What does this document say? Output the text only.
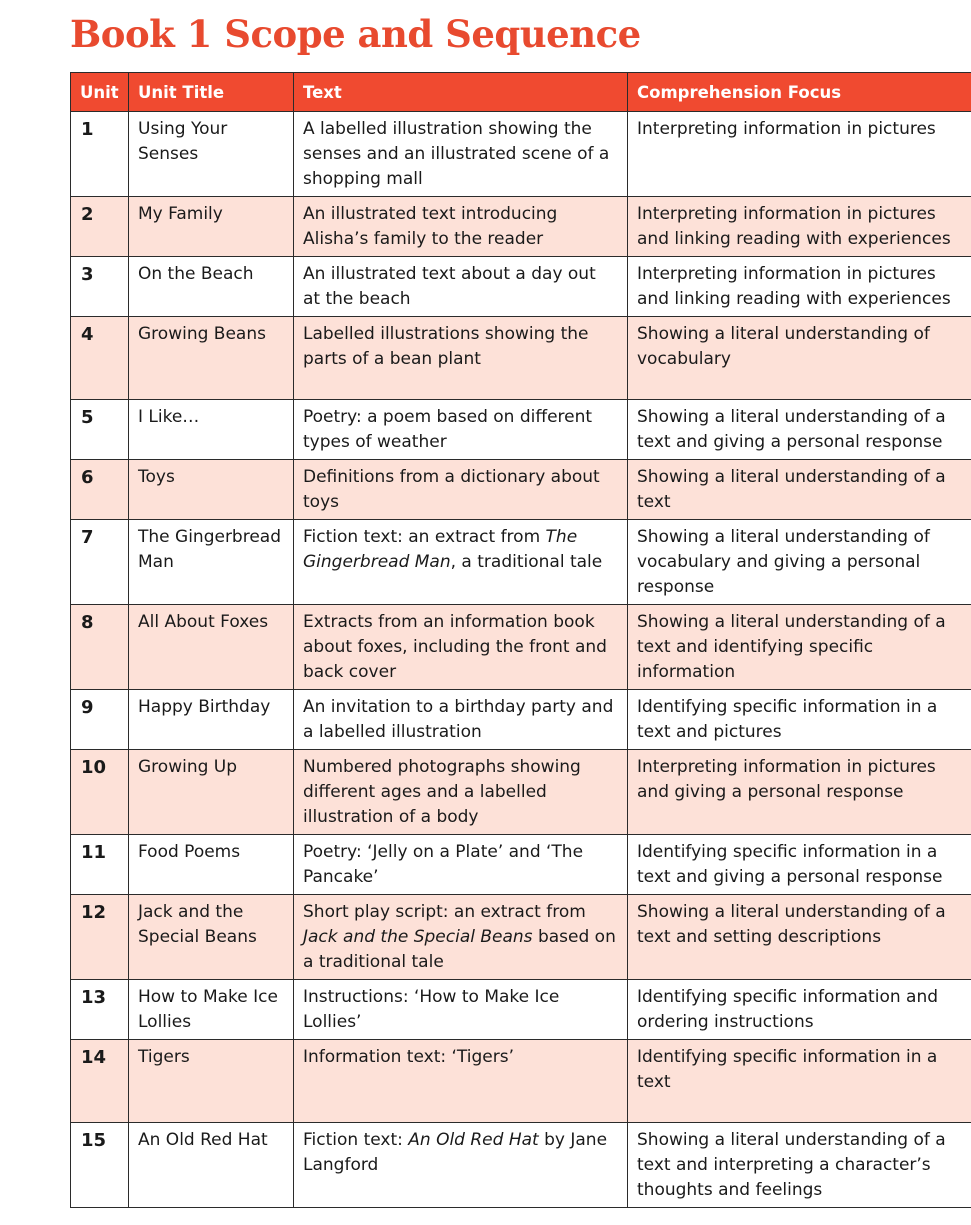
Book 1 Scope and Sequence
Unit	Unit Title	Text	Comprehension Focus
1	Using Your Senses	A labelled illustration showing the senses and an illustrated scene of a shopping mall	Interpreting information in pictures
2	My Family	An illustrated text introducing Alisha’s family to the reader	Interpreting information in pictures and linking reading with experiences
3	On the Beach	An illustrated text about a day out at the beach	Interpreting information in pictures and linking reading with experiences
4	Growing Beans	Labelled illustrations showing the parts of a bean plant	Showing a literal understanding of vocabulary
5	I Like…	Poetry: a poem based on different types of weather	Showing a literal understanding of a text and giving a personal response
6	Toys	Definitions from a dictionary about toys	Showing a literal understanding of a text
7	The Gingerbread Man	Fiction text: an extract from The Gingerbread Man, a traditional tale	Showing a literal understanding of vocabulary and giving a personal response
8	All About Foxes	Extracts from an information book about foxes, including the front and back cover	Showing a literal understanding of a text and identifying specific information
9	Happy Birthday	An invitation to a birthday party and a labelled illustration	Identifying specific information in a text and pictures
10	Growing Up	Numbered photographs showing different ages and a labelled illustration of a body	Interpreting information in pictures and giving a personal response
11	Food Poems	Poetry: ‘Jelly on a Plate’ and ‘The Pancake’	Identifying specific information in a text and giving a personal response
12	Jack and the Special Beans	Short play script: an extract from Jack and the Special Beans based on a traditional tale	Showing a literal understanding of a text and setting descriptions
13	How to Make Ice Lollies	Instructions: ‘How to Make Ice Lollies’	Identifying specific information and ordering instructions
14	Tigers	Information text: ‘Tigers’	Identifying specific information in a text
15	An Old Red Hat	Fiction text: An Old Red Hat by Jane Langford	Showing a literal understanding of a text and interpreting a character’s thoughts and feelings
